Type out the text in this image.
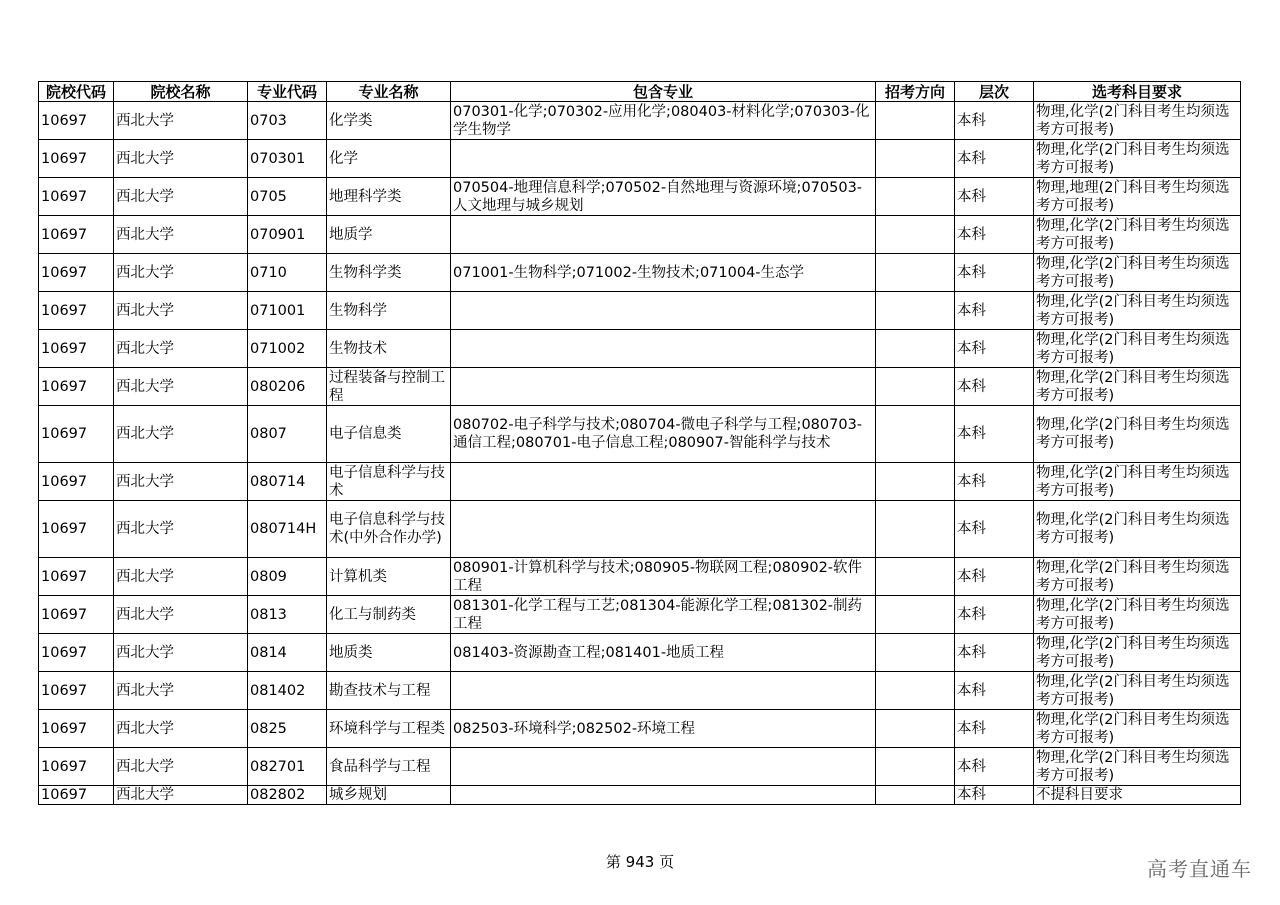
院校代码	院校名称	专业代码	专业名称	包含专业	招考方向	层次	选考科目要求
10697	西北大学	0703	化学类	070301-化学;070302-应用化学;080403-材料化学;070303-化学生物学		本科	物理,化学(2门科目考生均须选考方可报考)
10697	西北大学	070301	化学			本科	物理,化学(2门科目考生均须选考方可报考)
10697	西北大学	0705	地理科学类	070504-地理信息科学;070502-自然地理与资源环境;070503-人文地理与城乡规划		本科	物理,地理(2门科目考生均须选考方可报考)
10697	西北大学	070901	地质学			本科	物理,化学(2门科目考生均须选考方可报考)
10697	西北大学	0710	生物科学类	071001-生物科学;071002-生物技术;071004-生态学		本科	物理,化学(2门科目考生均须选考方可报考)
10697	西北大学	071001	生物科学			本科	物理,化学(2门科目考生均须选考方可报考)
10697	西北大学	071002	生物技术			本科	物理,化学(2门科目考生均须选考方可报考)
10697	西北大学	080206	过程装备与控制工程			本科	物理,化学(2门科目考生均须选考方可报考)
10697	西北大学	0807	电子信息类	080702-电子科学与技术;080704-微电子科学与工程;080703-通信工程;080701-电子信息工程;080907-智能科学与技术		本科	物理,化学(2门科目考生均须选考方可报考)
10697	西北大学	080714	电子信息科学与技术			本科	物理,化学(2门科目考生均须选考方可报考)
10697	西北大学	080714H	电子信息科学与技术(中外合作办学)			本科	物理,化学(2门科目考生均须选考方可报考)
10697	西北大学	0809	计算机类	080901-计算机科学与技术;080905-物联网工程;080902-软件工程		本科	物理,化学(2门科目考生均须选考方可报考)
10697	西北大学	0813	化工与制药类	081301-化学工程与工艺;081304-能源化学工程;081302-制药工程		本科	物理,化学(2门科目考生均须选考方可报考)
10697	西北大学	0814	地质类	081403-资源勘查工程;081401-地质工程		本科	物理,化学(2门科目考生均须选考方可报考)
10697	西北大学	081402	勘查技术与工程			本科	物理,化学(2门科目考生均须选考方可报考)
10697	西北大学	0825	环境科学与工程类	082503-环境科学;082502-环境工程		本科	物理,化学(2门科目考生均须选考方可报考)
10697	西北大学	082701	食品科学与工程			本科	物理,化学(2门科目考生均须选考方可报考)
10697	西北大学	082802	城乡规划			本科	不提科目要求
第 943 页	高考直通车
